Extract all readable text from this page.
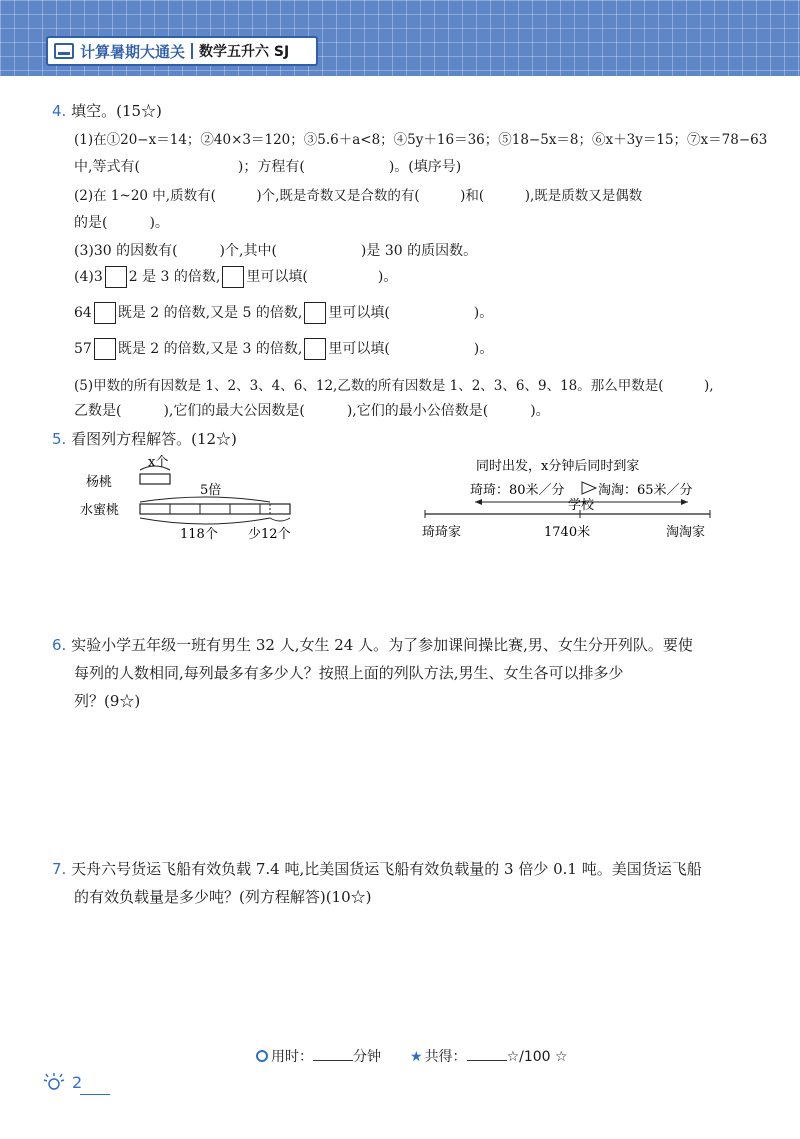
计算暑期大通关 数学五升六 SJ
4. 填空。(15☆)
(1)在①20−x＝14；②40×3＝120；③5.6＋a<8；④5y＋16＝36；⑤18−5x＝8；⑥x＋3y＝15；⑦x＝78−63
中,等式有(　　　　　　　)；方程有(　　　　　　)。(填序号)
(2)在 1~20 中,质数有(　　　)个,既是奇数又是合数的有(　　　)和(　　　),既是质数又是偶数
的是(　　　)。
(3)30 的因数有(　　　)个,其中(　　　　　　)是 30 的质因数。
(4)3 2 是 3 的倍数, 里可以填(　　　　　)。
64 既是 2 的倍数,又是 5 的倍数, 里可以填(　　　　　　)。
57 既是 2 的倍数,又是 3 的倍数, 里可以填(　　　　　　)。
(5)甲数的所有因数是 1、2、3、4、6、12,乙数的所有因数是 1、2、3、6、9、18。那么甲数是(　　　),
乙数是(　　　),它们的最大公因数是(　　　),它们的最小公倍数是(　　　)。
5. 看图列方程解答。(12☆)
x个
杨桃
5倍
水蜜桃
118个 少12个
同时出发，x分钟后同时到家
琦琦：80米／分	淘淘：65米／分
学校
琦琦家	1740米	淘淘家
6. 实验小学五年级一班有男生 32 人,女生 24 人。为了参加课间操比赛,男、女生分开列队。要使
每列的人数相同,每列最多有多少人？按照上面的列队方法,男生、女生各可以排多少
列？(9☆)
7. 天舟六号货运飞船有效负载 7.4 吨,比美国货运飞船有效负载量的 3 倍少 0.1 吨。美国货运飞船
的有效负载量是多少吨？(列方程解答)(10☆)
用时：	分钟 ★ 共得：	☆/100 ☆
2
